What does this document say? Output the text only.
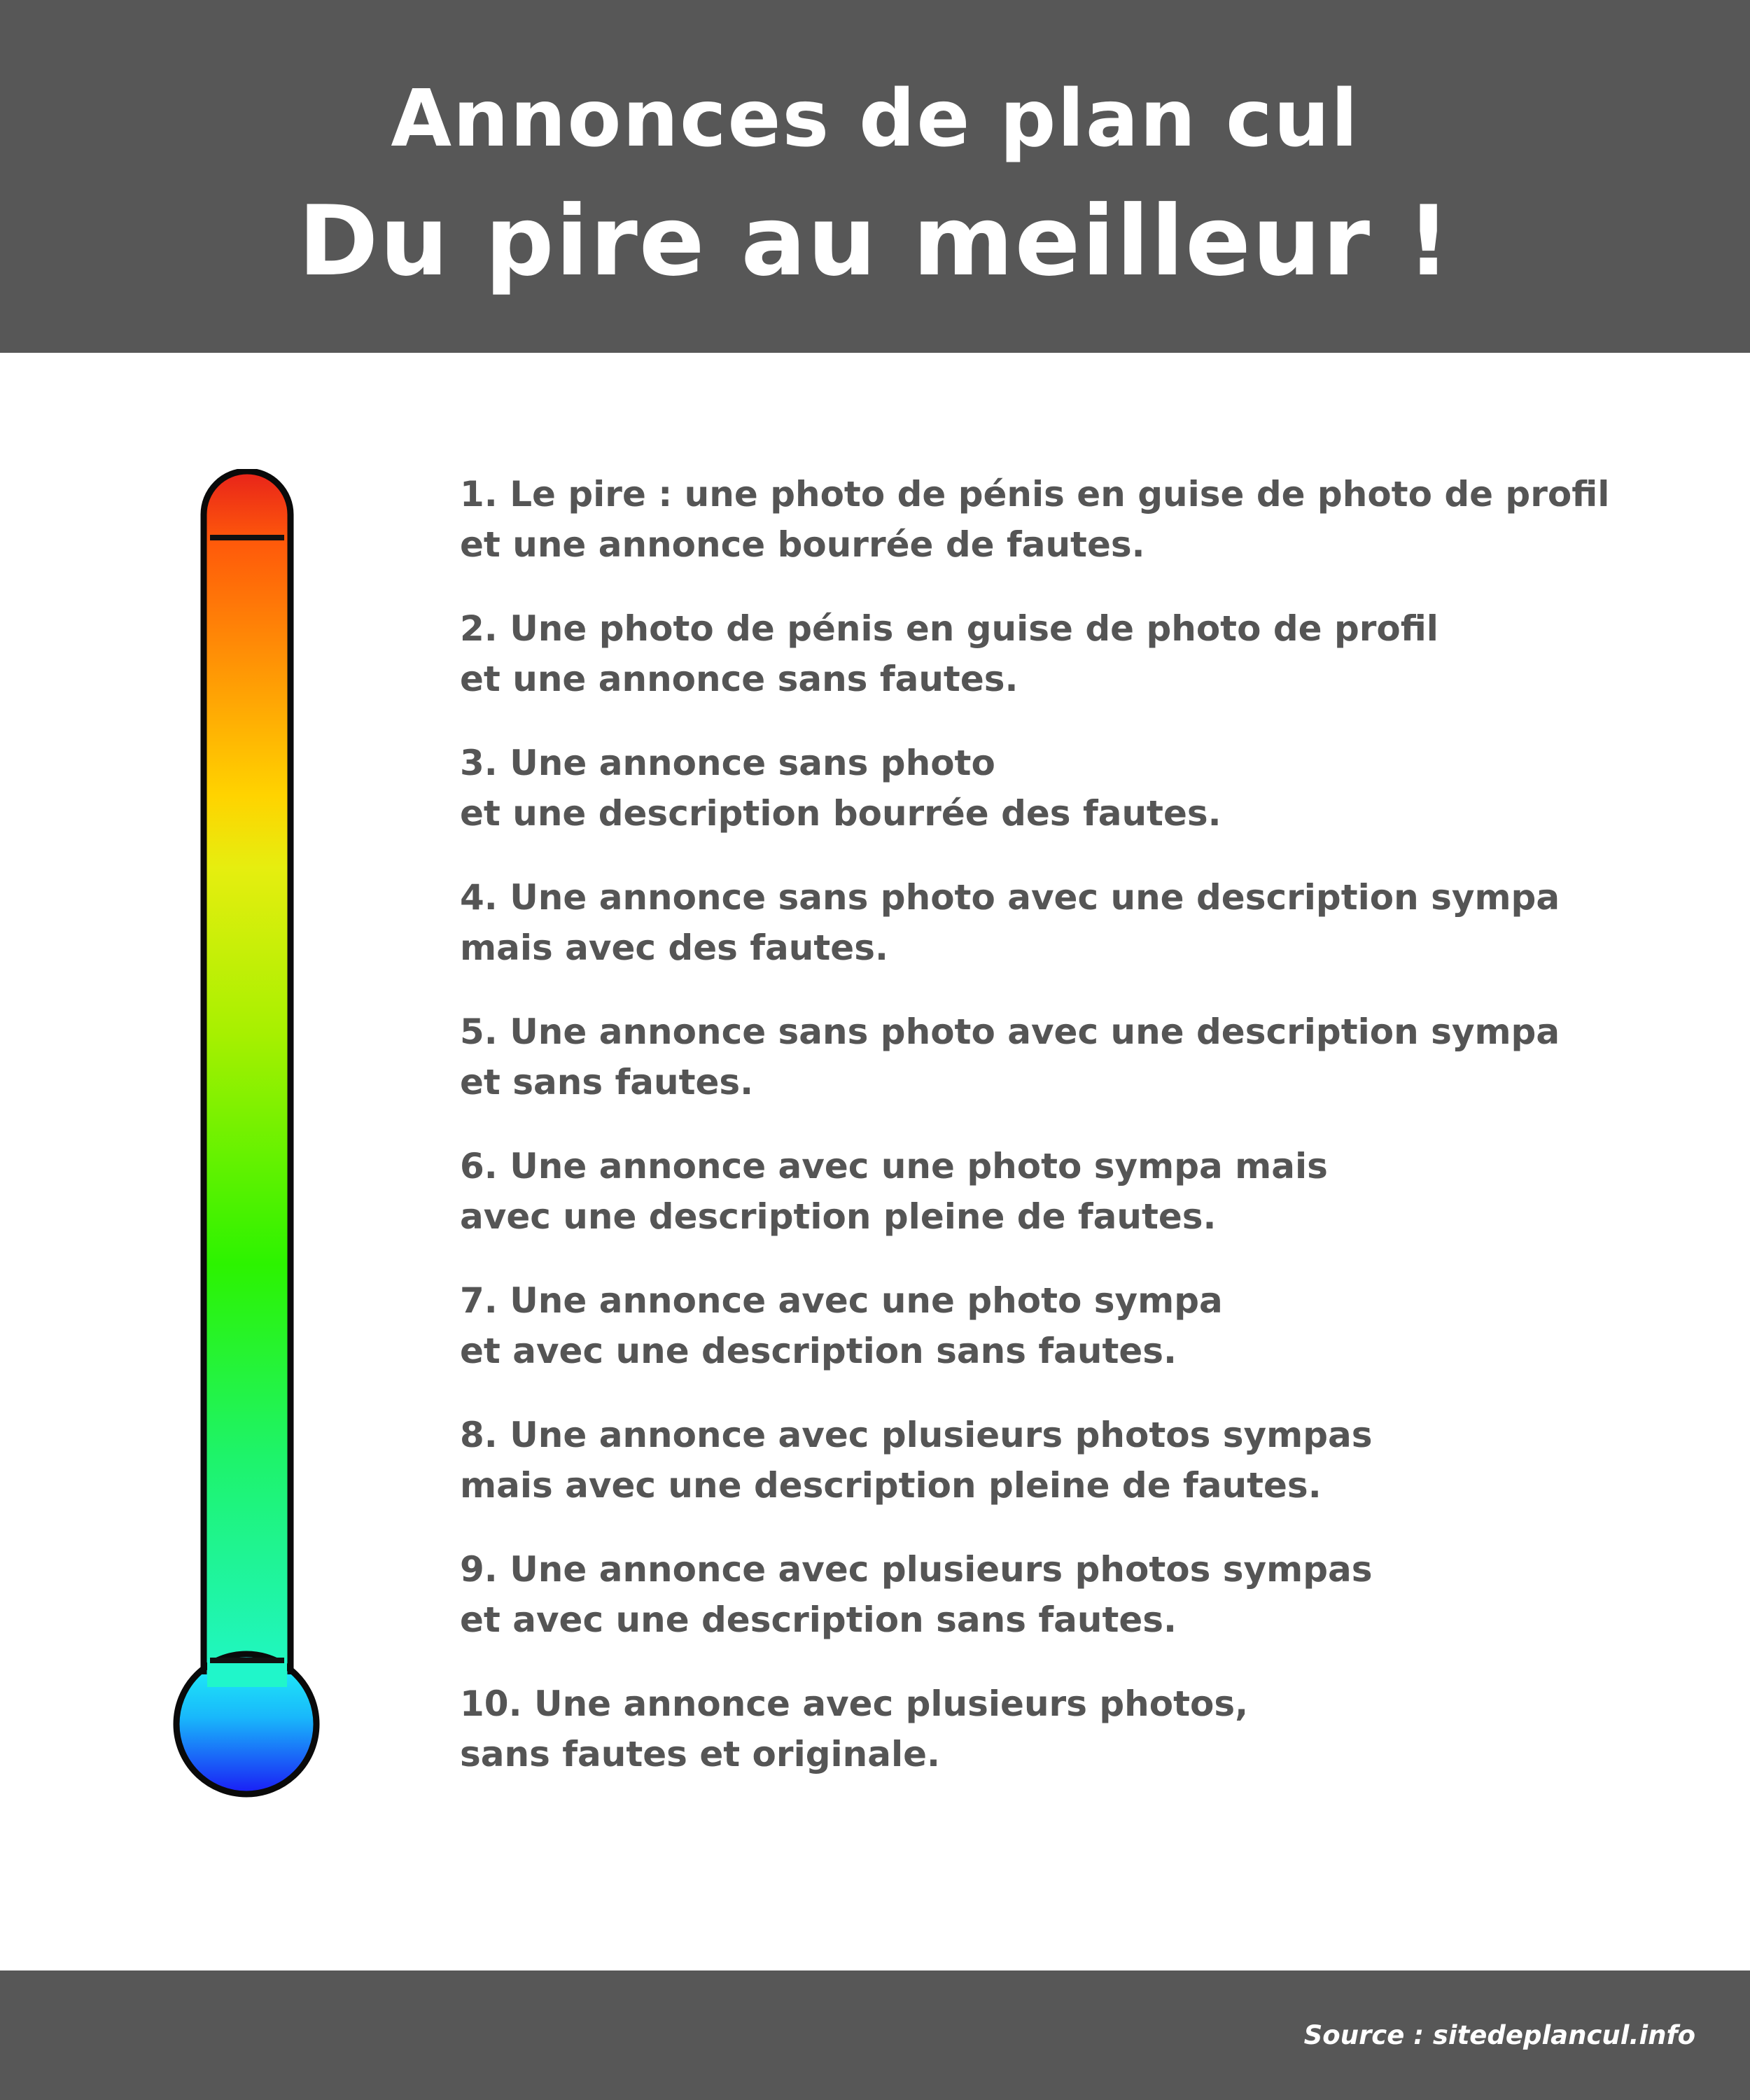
Annonces de plan cul
Du pire au meilleur !
1. Le pire : une photo de pénis en guise de photo de profil
et une annonce bourrée de fautes.
2. Une photo de pénis en guise de photo de profil
et une annonce sans fautes.
3. Une annonce sans photo
et une description bourrée des fautes.
4. Une annonce sans photo avec une description sympa
mais avec des fautes.
5. Une annonce sans photo avec une description sympa
et sans fautes.
6. Une annonce avec une photo sympa mais
avec une description pleine de fautes.
7. Une annonce avec une photo sympa
et avec une description sans fautes.
8. Une annonce avec plusieurs photos sympas
mais avec une description pleine de fautes.
9. Une annonce avec plusieurs photos sympas
et avec une description sans fautes.
10. Une annonce avec plusieurs photos,
sans fautes et originale.
Source : sitedeplancul.info
